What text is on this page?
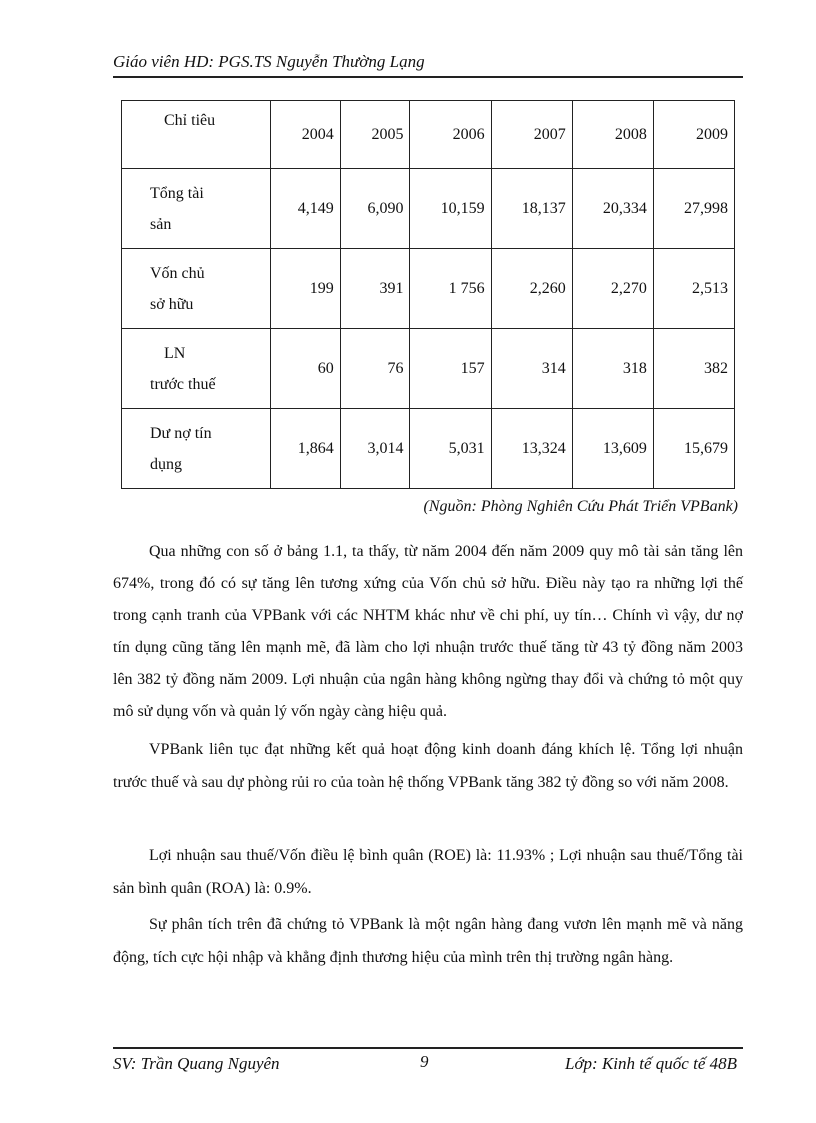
Giáo viên HD: PGS.TS Nguyễn Thường Lạng
Chỉ tiêu	2004	2005	2006	2007	2008	2009
Tổng tài
sản	4,149	6,090	10,159	18,137	20,334	27,998
Vốn chủ
sở hữu	199	391	1 756	2,260	2,270	2,513
LN
trước thuế	60	76	157	314	318	382
Dư nợ tín
dụng	1,864	3,014	5,031	13,324	13,609	15,679
(Nguồn: Phòng Nghiên Cứu Phát Triển VPBank)

Qua những con số ở bảng 1.1, ta thấy, từ năm 2004 đến năm 2009 quy mô tài sản tăng lên 674%, trong đó có sự tăng lên tương xứng của Vốn chủ sở hữu. Điều này tạo ra những lợi thế trong cạnh tranh của VPBank với các NHTM khác như về chi phí, uy tín… Chính vì vậy, dư nợ tín dụng cũng tăng lên mạnh mẽ, đã làm cho lợi nhuận trước thuế tăng từ 43 tỷ đồng năm 2003 lên 382 tỷ đồng năm 2009. Lợi nhuận của ngân hàng không ngừng thay đổi và chứng tỏ một quy mô sử dụng vốn và quản lý vốn ngày càng hiệu quả.

VPBank liên tục đạt những kết quả hoạt động kinh doanh đáng khích lệ. Tổng lợi nhuận trước thuế và sau dự phòng rủi ro của toàn hệ thống VPBank tăng 382 tỷ đồng so với năm 2008.

Lợi nhuận sau thuế/Vốn điều lệ bình quân (ROE) là: 11.93% ; Lợi nhuận sau thuế/Tổng tài sản bình quân (ROA) là: 0.9%.

Sự phân tích trên đã chứng tỏ VPBank là một ngân hàng đang vươn lên mạnh mẽ và năng động, tích cực hội nhập và khẳng định thương hiệu của mình trên thị trường ngân hàng.

SV: Trần Quang Nguyên	9	Lớp: Kinh tế quốc tế 48B
